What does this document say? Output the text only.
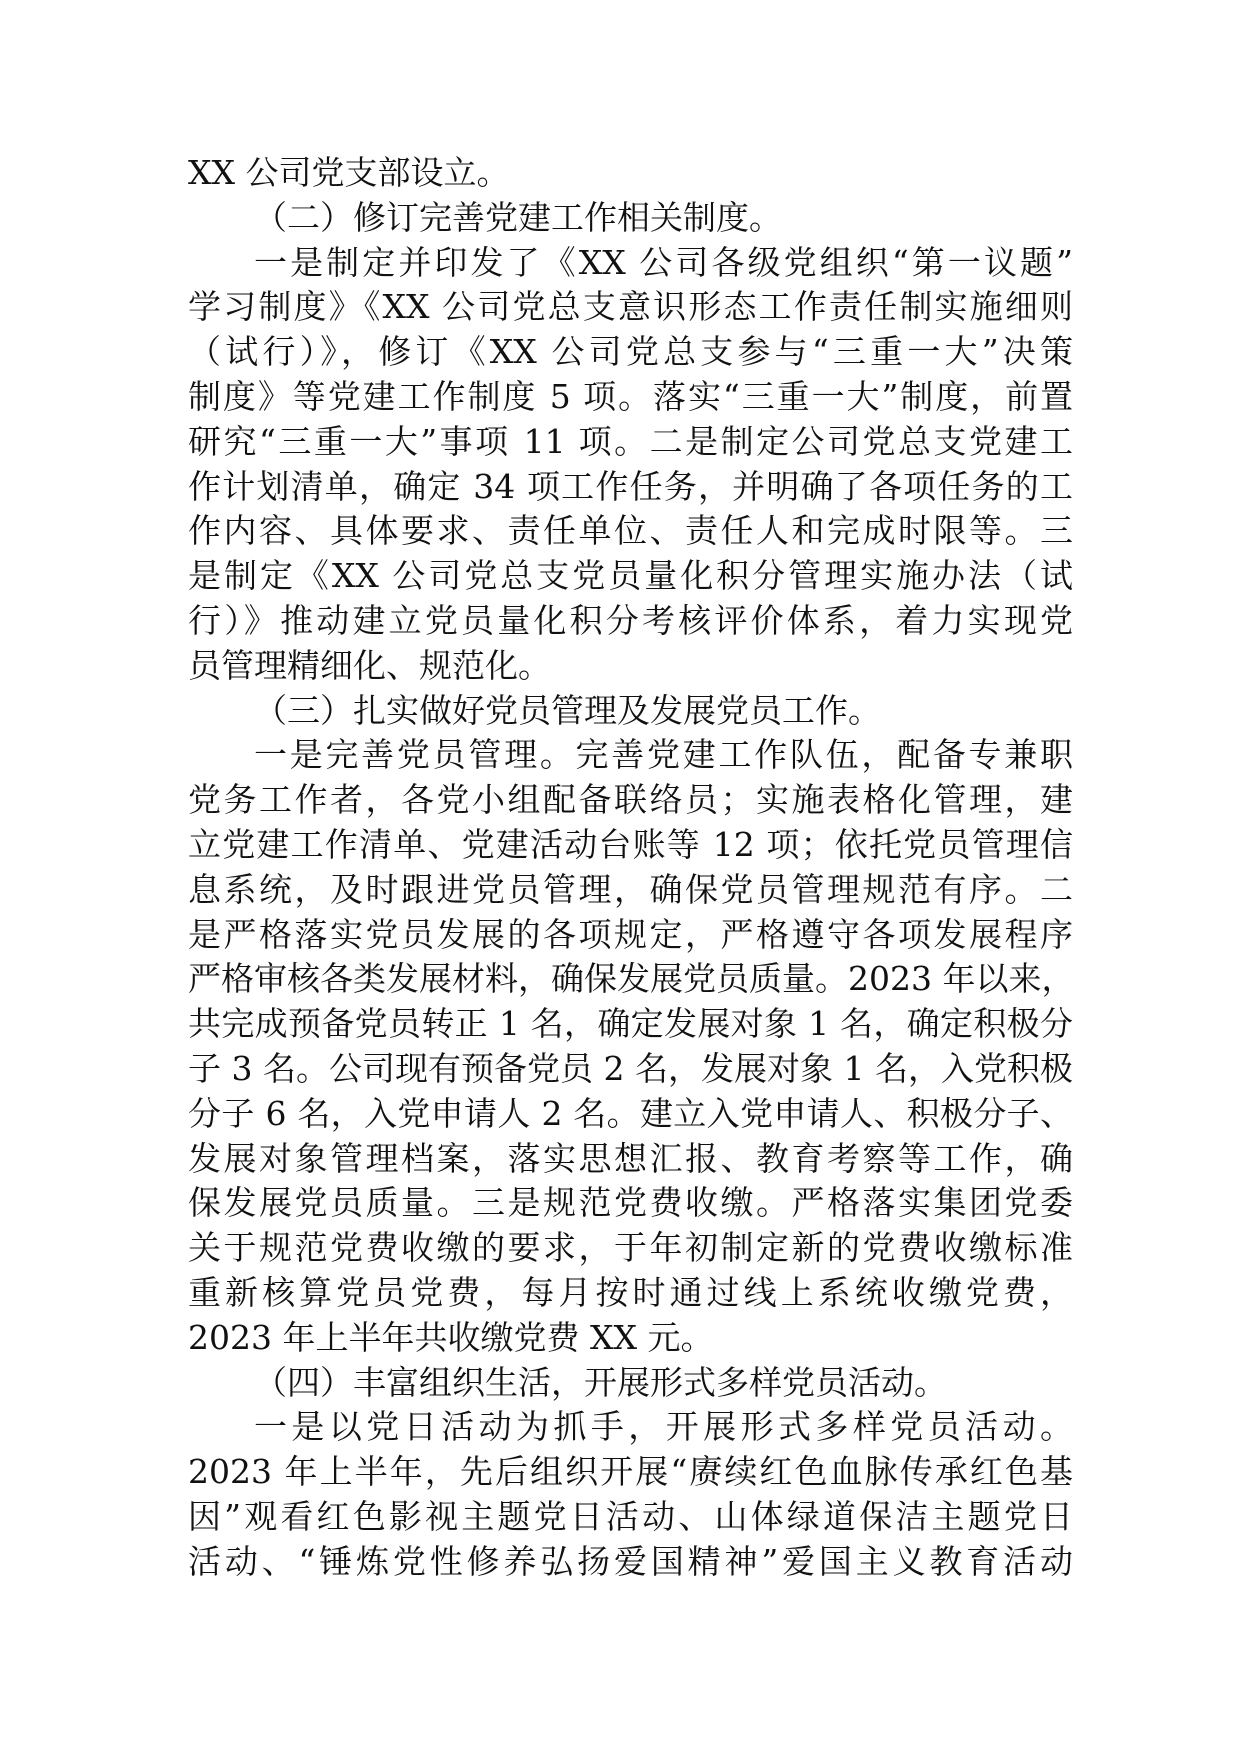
XX 公司党支部设立。
（二）修订完善党建工作相关制度。
一是制定并印发了《XX 公司各级党组织“第一议题”
学习制度》《XX 公司党总支意识形态工作责任制实施细则
（试行）》，修订《XX 公司党总支参与“三重一大”决策
制度》等党建工作制度 5 项。落实“三重一大”制度，前置
研究“三重一大”事项 11 项。二是制定公司党总支党建工
作计划清单，确定 34 项工作任务，并明确了各项任务的工
作内容、具体要求、责任单位、责任人和完成时限等。三
是制定《XX 公司党总支党员量化积分管理实施办法（试
行）》推动建立党员量化积分考核评价体系，着力实现党
员管理精细化、规范化。
（三）扎实做好党员管理及发展党员工作。
一是完善党员管理。完善党建工作队伍，配备专兼职
党务工作者，各党小组配备联络员；实施表格化管理，建
立党建工作清单、党建活动台账等 12 项；依托党员管理信
息系统，及时跟进党员管理，确保党员管理规范有序。二
是严格落实党员发展的各项规定，严格遵守各项发展程序
严格审核各类发展材料，确保发展党员质量。2023 年以来，
共完成预备党员转正 1 名，确定发展对象 1 名，确定积极分
子 3 名。公司现有预备党员 2 名，发展对象 1 名，入党积极
分子 6 名，入党申请人 2 名。建立入党申请人、积极分子、
发展对象管理档案，落实思想汇报、教育考察等工作，确
保发展党员质量。三是规范党费收缴。严格落实集团党委
关于规范党费收缴的要求，于年初制定新的党费收缴标准
重新核算党员党费，每月按时通过线上系统收缴党费，
2023 年上半年共收缴党费 XX 元。
（四）丰富组织生活，开展形式多样党员活动。
一是以党日活动为抓手，开展形式多样党员活动。
2023 年上半年，先后组织开展“赓续红色血脉传承红色基
因”观看红色影视主题党日活动、山体绿道保洁主题党日
活动、“锤炼党性修养弘扬爱国精神”爱国主义教育活动
